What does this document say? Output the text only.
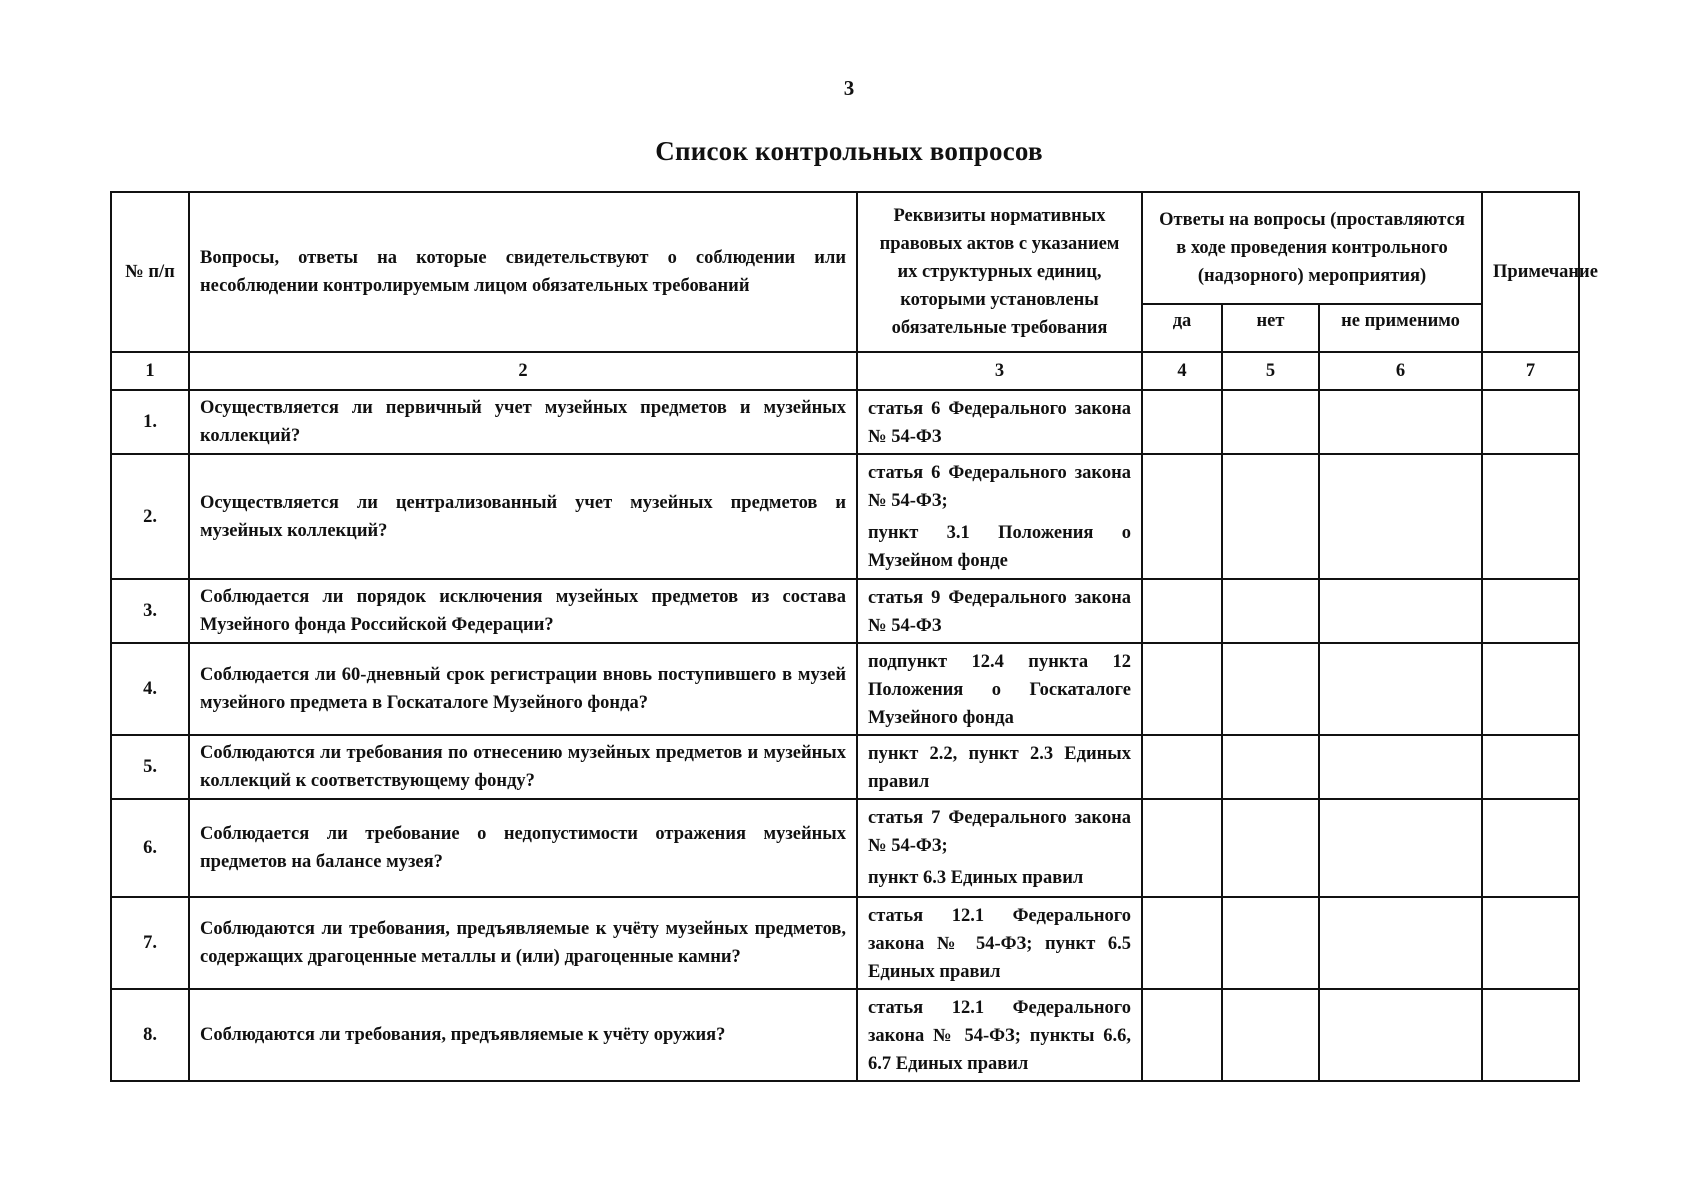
3
Список контрольных вопросов
№ п/п	Вопросы, ответы на которые свидетельствуют о соблюдении или несоблюдении контролируемым лицом обязательных требований	Реквизиты нормативных правовых актов с указанием их структурных единиц, которыми установлены обязательные требования	Ответы на вопросы (проставляются в ходе проведения контрольного (надзорного) мероприятия)			Примечание
			да	нет	не применимо	
1	2	3	4	5	6	7
1.	Осуществляется ли первичный учет музейных предметов и музейных коллекций?	статья 6 Федерального закона № 54-ФЗ				

2.	Осуществляется ли централизованный учет музейных предметов и музейных коллекций?	статья 6 Федерального закона № 54-ФЗ;

пункт 3.1 Положения о Музейном фонде				

3.	Соблюдается ли порядок исключения музейных предметов из состава Музейного фонда Российской Федерации?	статья 9 Федерального закона № 54-ФЗ				

4.	Соблюдается ли 60-дневный срок регистрации вновь поступившего в музей музейного предмета в Госкаталоге Музейного фонда?	подпункт 12.4 пункта 12 Положения о Госкаталоге Музейного фонда				

5.	Соблюдаются ли требования по отнесению музейных предметов и музейных коллекций к соответствующему фонду?	пункт 2.2, пункт 2.3 Единых правил				

6.	Соблюдается ли требование о недопустимости отражения музейных предметов на балансе музея?	статья 7 Федерального закона № 54-ФЗ;

пункт 6.3 Единых правил				

7.	Соблюдаются ли требования, предъявляемые к учёту музейных предметов, содержащих драгоценные металлы и (или) драгоценные камни?	статья 12.1 Федерального закона № 54-ФЗ; пункт 6.5 Единых правил				

8.	Соблюдаются ли требования, предъявляемые к учёту оружия?	статья 12.1 Федерального закона № 54-ФЗ; пункты 6.6, 6.7 Единых правил				
